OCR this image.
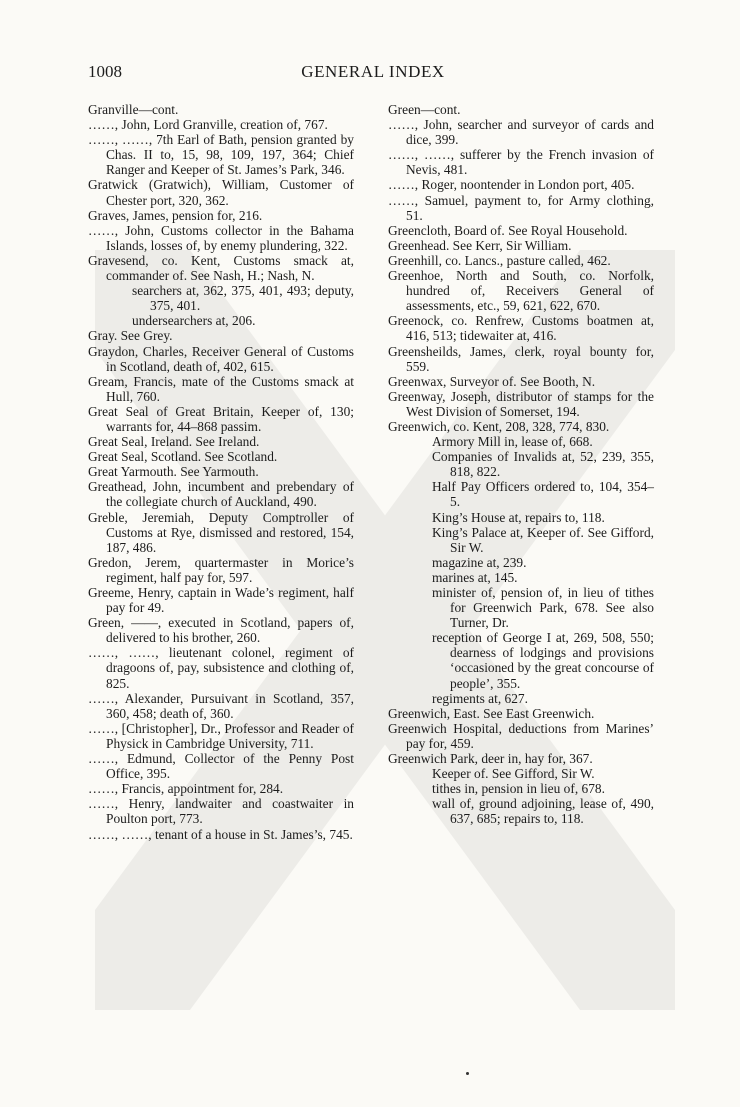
1008	GENERAL INDEX

Granville—cont.

……, John, Lord Granville, creation of, 767.

……, ……, 7th Earl of Bath, pension granted by Chas. II to, 15, 98, 109, 197, 364; Chief Ranger and Keeper of St. James’s Park, 346.

Gratwick (Gratwich), William, Customer of Chester port, 320, 362.

Graves, James, pension for, 216.

……, John, Customs collector in the Bahama Islands, losses of, by enemy plundering, 322.

Gravesend, co. Kent, Customs smack at, commander of. See Nash, H.; Nash, N.

searchers at, 362, 375, 401, 493; deputy, 375, 401.

undersearchers at, 206.

Gray. See Grey.

Graydon, Charles, Receiver General of Customs in Scotland, death of, 402, 615.

Gream, Francis, mate of the Customs smack at Hull, 760.

Great Seal of Great Britain, Keeper of, 130; warrants for, 44–868 passim.

Great Seal, Ireland. See Ireland.

Great Seal, Scotland. See Scotland.

Great Yarmouth. See Yarmouth.

Greathead, John, incumbent and prebendary of the collegiate church of Auckland, 490.

Greble, Jeremiah, Deputy Comptroller of Customs at Rye, dismissed and restored, 154, 187, 486.

Gredon, Jerem, quartermaster in Morice’s regiment, half pay for, 597.

Greeme, Henry, captain in Wade’s regiment, half pay for 49.

Green, ——, executed in Scotland, papers of, delivered to his brother, 260.

……, ……, lieutenant colonel, regiment of dragoons of, pay, subsistence and clothing of, 825.

……, Alexander, Pursuivant in Scotland, 357, 360, 458; death of, 360.

……, [Christopher], Dr., Professor and Reader of Physick in Cambridge University, 711.

……, Edmund, Collector of the Penny Post Office, 395.

……, Francis, appointment for, 284.

……, Henry, landwaiter and coastwaiter in Poulton port, 773.

……, ……, tenant of a house in St. James’s, 745.

Green—cont.

……, John, searcher and surveyor of cards and dice, 399.

……, ……, sufferer by the French invasion of Nevis, 481.

……, Roger, noontender in London port, 405.

……, Samuel, payment to, for Army clothing, 51.

Greencloth, Board of. See Royal Household.

Greenhead. See Kerr, Sir William.

Greenhill, co. Lancs., pasture called, 462.

Greenhoe, North and South, co. Norfolk, hundred of, Receivers General of assessments, etc., 59, 621, 622, 670.

Greenock, co. Renfrew, Customs boatmen at, 416, 513; tidewaiter at, 416.

Greensheilds, James, clerk, royal bounty for, 559.

Greenwax, Surveyor of. See Booth, N.

Greenway, Joseph, distributor of stamps for the West Division of Somerset, 194.

Greenwich, co. Kent, 208, 328, 774, 830.

Armory Mill in, lease of, 668.

Companies of Invalids at, 52, 239, 355, 818, 822.

Half Pay Officers ordered to, 104, 354–5.

King’s House at, repairs to, 118.

King’s Palace at, Keeper of. See Gifford, Sir W.

magazine at, 239.

marines at, 145.

minister of, pension of, in lieu of tithes for Greenwich Park, 678. See also Turner, Dr.

reception of George I at, 269, 508, 550; dearness of lodgings and provisions ‘occasioned by the great concourse of people’, 355.

regiments at, 627.

Greenwich, East. See East Greenwich.

Greenwich Hospital, deductions from Marines’ pay for, 459.

Greenwich Park, deer in, hay for, 367.

Keeper of. See Gifford, Sir W.

tithes in, pension in lieu of, 678.

wall of, ground adjoining, lease of, 490, 637, 685; repairs to, 118.
